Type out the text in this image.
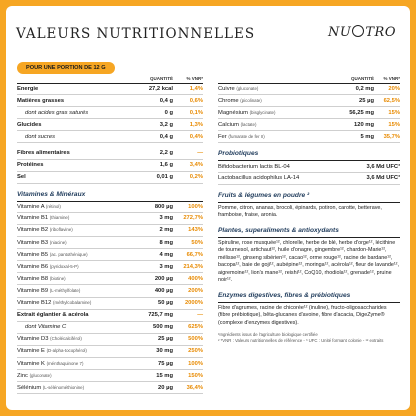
VALEURS NUTRITIONNELLES	NU TRO
POUR UNE PORTION DE 12 G
QUANTITÉ	% VNR*
Énergie	27,2 kcal	1,4%
Matières grasses	0,4 g	0,6%
dont acides gras saturés	0 g	0,1%
Glucides	3,2 g	1,3%
dont sucres	0,4 g	0,4%
Fibres alimentaires	2,2 g	—
Protéines	1,6 g	3,4%
Sel	0,01 g	0,2%
Vitamines & Minéraux
Vitamine A (rétinol)	800 µg	100%
Vitamine B1 (thiamine)	3 mg	272,7%
Vitamine B2 (riboflavine)	2 mg	143%
Vitamine B3 (niacine)	8 mg	50%
Vitamine B5 (ac. pantothénique)	4 mg	66,7%
Vitamine B6 (pyridoxal-5-P)	3 mg	214,3%
Vitamine B8 (biotine)	200 µg	400%
Vitamine B9 (L-méthylfolate)	400 µg	200%
Vitamine B12 (méthylcobalamine)	50 µg	2000%
Extrait églantier & acérola	725,7 mg	—
dont Vitamine C	500 mg	625%
Vitamine D3 (Cholécalciférol)	25 µg	500%
Vitamine E (D-alpha-tocophérol)	30 mg	250%
Vitamine K (ménthaquinone 7)	75 µg	100%
Zinc (gluconate)	15 mg	150%
Sélénium (L-sélénométhionine)	20 µg	36,4%
QUANTITÉ	% VNR*
Cuivre (gluconate)	0,2 mg	20%
Chrome (picolinate)	25 µg	62,5%
Magnésium (bisglycinate)	56,25 mg	15%
Calcium (lactate)	120 mg	15%
Fer (fumarate de fer II)	5 mg	35,7%
Probiotiques
Bifidobacterium lactis BL-04	3,6 Md UFC³
Lactobacillus acidophilus LA-14	3,6 Md UFC³
Fruits & légumes en poudre ²
Pomme, citron, ananas, brocoli, épinards, potiron, carotte, betterave, framboise, fraise, aronia.
Plantes, superaliments & antioxydants
Spiruline, rose musquée¹², chlorelle, herbe de blé, herbe d'orge¹², lécithine de tournesol, artichaut¹², huile d'onagre, gingembre¹², chardon-Marie¹², mélisse¹², ginseng sibérien¹², cacao¹², orme rouge¹², racine de bardane¹², bacopa¹², baie de goji¹², aubépine¹², moringa¹², acérola¹², fleur de lavande¹², aigremoine¹², lion's mane¹², reishi¹², CoQ10, rhodiola¹², grenade¹², pruine noir¹².
Enzymes digestives, fibres & prébiotiques
Fibre d'agrumes, racine de chicorée¹² (inuline), fructo-oligosaccharides (fibre prébiotique), bêta-glucanes d'avoine, fibre d'acacia, DigeZyme® (complexe d'enzymes digestives).
¹Ingrédients issus de l'agriculture biologique certifiée
² *VNR : Valeurs nutritionnelles de référence - ³ UFC : Unité formant colonie - ¹² extraits
